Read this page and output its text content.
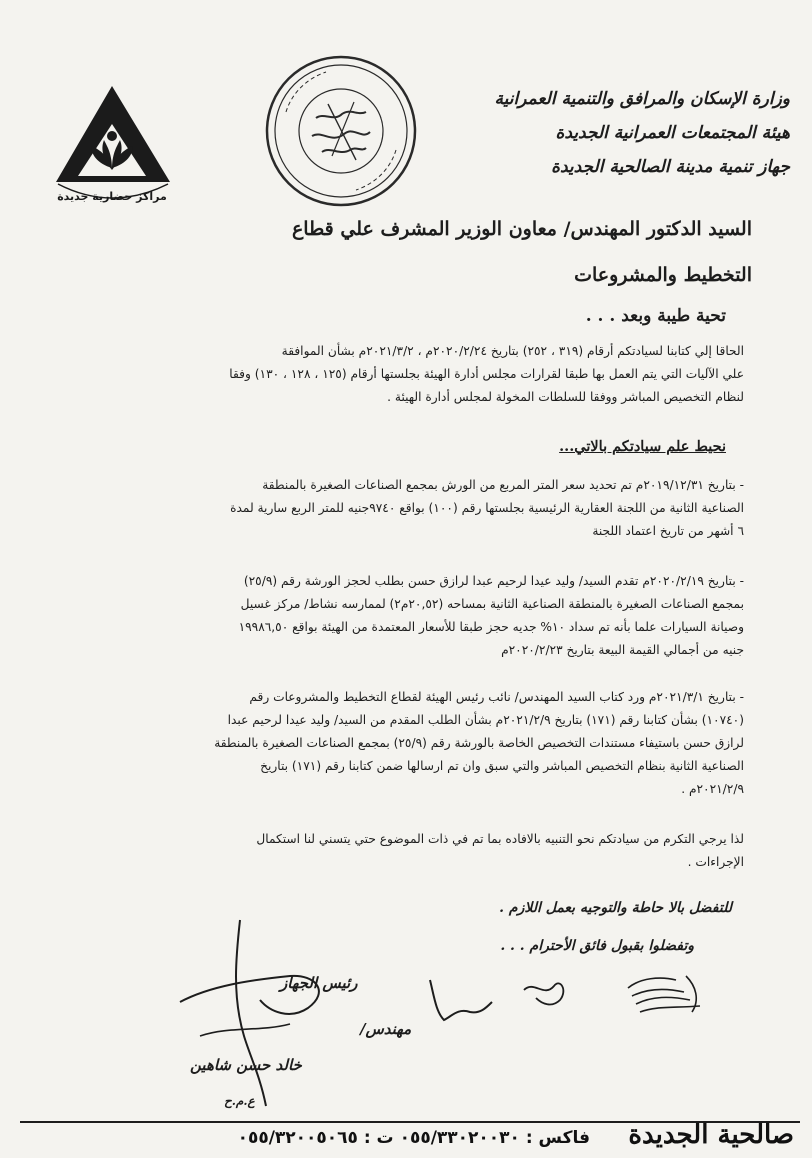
مراكز حضارية جديدة
وزارة الإسكان والمرافق والتنمية العمرانية
هيئة المجتمعات العمرانية الجديدة
جهاز تنمية مدينة الصالحية الجديدة
السيد الدكتور المهندس/ معاون الوزير المشرف علي قطاع
التخطيط والمشروعات
تحية طيبة وبعد . . .
الحاقا إلي كتابنا لسيادتكم أرقام (٣١٩ ، ٢٥٢) بتاريخ ٢٠٢٠/٢/٢٤م ، ٢٠٢١/٣/٢م بشأن الموافقة
علي الآليات التي يتم العمل بها طبقا لقرارات مجلس أدارة الهيئة بجلستها أرقام (١٢٥ ، ١٢٨ ، ١٣٠) وفقا
لنظام التخصيص المباشر ووفقا للسلطات المخولة لمجلس أدارة الهيئة .
نحيط علم سيادتكم بالاتي...
- بتاريخ ٢٠١٩/١٢/٣١م تم تحديد سعر المتر المربع من الورش بمجمع الصناعات الصغيرة بالمنطقة
الصناعية الثانية من اللجنة العقارية الرئيسية بجلستها رقم (١٠٠) بواقع ٩٧٤٠جنيه للمتر الربع سارية لمدة
٦ أشهر من تاريخ اعتماد اللجنة
- بتاريخ ٢٠٢٠/٢/١٩م تقدم السيد/ وليد عيدا لرحيم عبدا لرازق حسن بطلب لحجز الورشة رقم (٢٥/٩)
بمجمع الصناعات الصغيرة بالمنطقة الصناعية الثانية بمساحه (٢٠,٥٢م٢) لممارسه نشاط/ مركز غسيل
وصيانة السيارات علما بأنه تم سداد ١٠% جديه حجز طبقا للأسعار المعتمدة من الهيئة بواقع ١٩٩٨٦,٥٠
جنيه من أجمالي القيمة البيعة بتاريخ ٢٠٢٠/٢/٢٣م
- بتاريخ ٢٠٢١/٣/١م ورد كتاب السيد المهندس/ نائب رئيس الهيئة لقطاع التخطيط والمشروعات رقم
(١٠٧٤٠) بشأن كتابنا رقم (١٧١) بتاريخ ٢٠٢١/٢/٩م بشأن الطلب المقدم من السيد/ وليد عيدا لرحيم عبدا
لرازق حسن باستيفاء مستندات التخصيص الخاصة بالورشة رقم (٢٥/٩) بمجمع الصناعات الصغيرة بالمنطقة
الصناعية الثانية بنظام التخصيص المباشر والتي سبق وان تم ارسالها ضمن كتابنا رقم (١٧١) بتاريخ
٢٠٢١/٢/٩م .
لذا يرجي التكرم من سيادتكم نحو التنبيه بالافاده بما تم في ذات الموضوع حتي يتسني لنا استكمال
الإجراءات .
للتفضل بالا حاطة والتوجيه بعمل اللازم .
وتفضلوا بقبول فائق الأحترام . . .
رئيس الجهاز
مهندس/
خالد حسن شاهين
ع.م.ح
فاكس : ٠٥٥/٣٣٠٢٠٠٣٠ ت : ٠٥٥/٣٢٠٠٥٠٦٥ صالحية الجديدة
